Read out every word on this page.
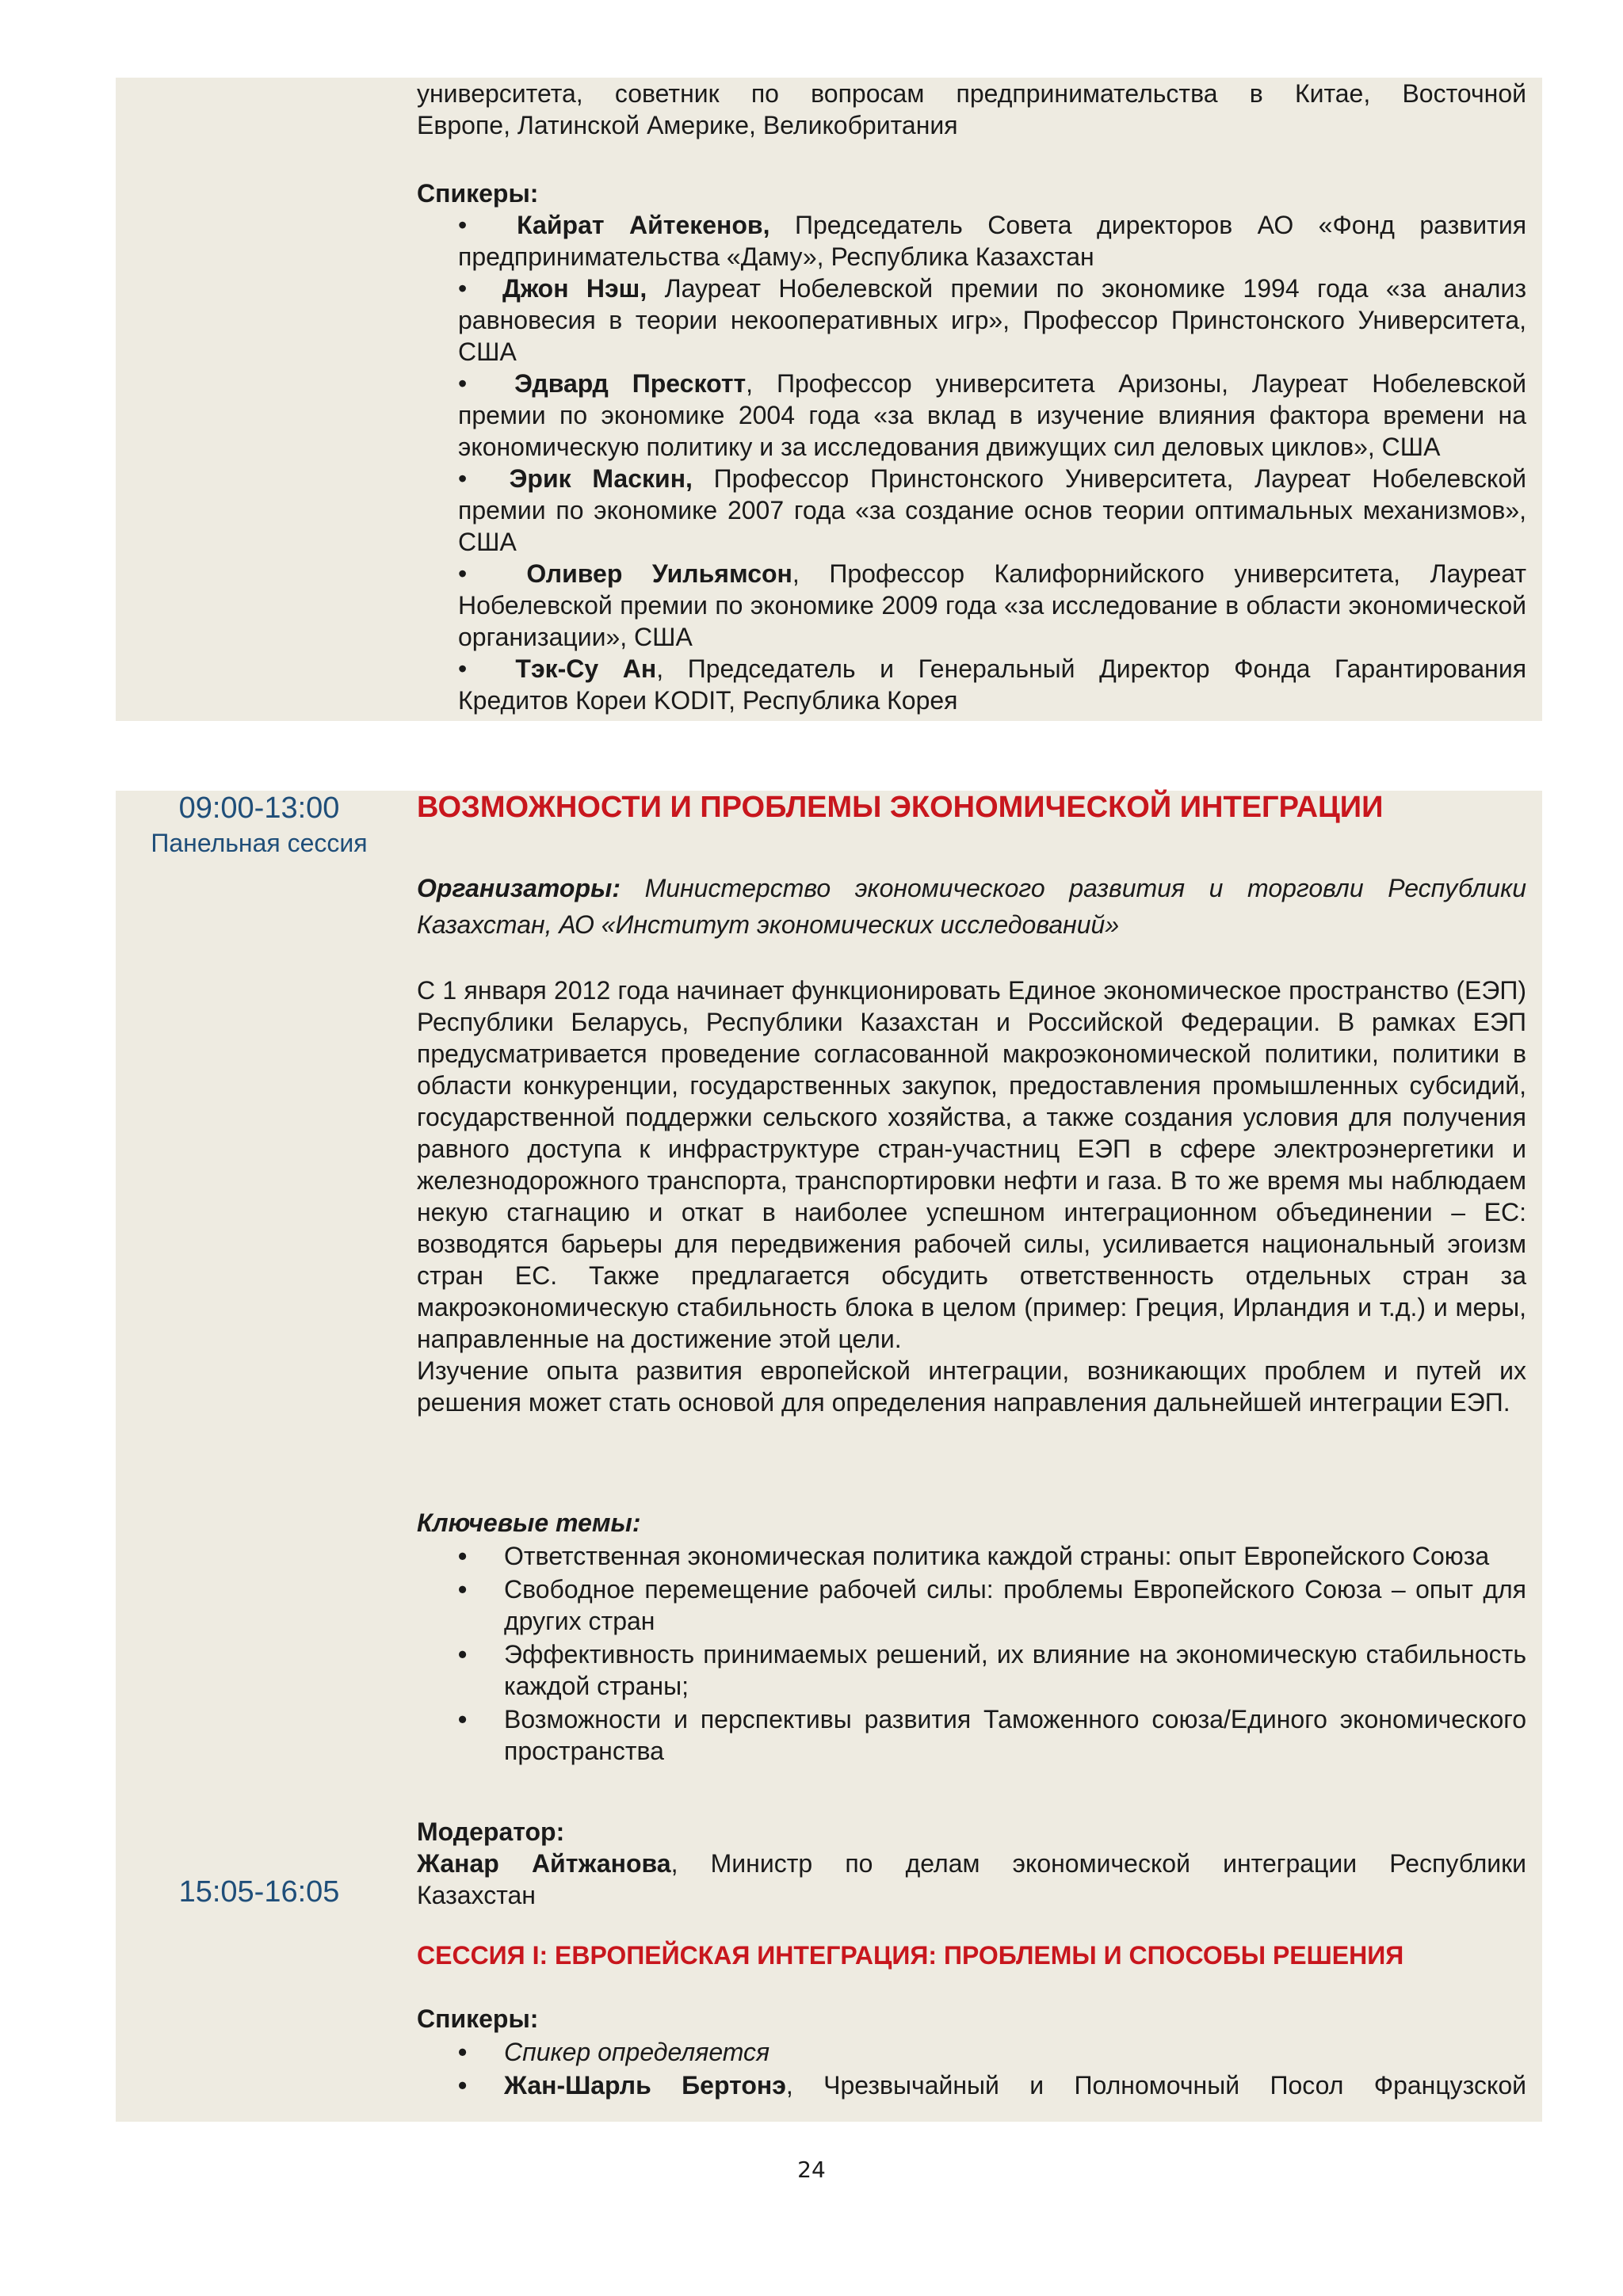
университета, советник по вопросам предпринимательства в Китае, Восточной

Европе, Латинской Америке, Великобритания

Спикеры:

•  Кайрат Айтекенов, Председатель Совета директоров АО «Фонд развития

предпринимательства «Даму», Республика Казахстан

•  Джон Нэш, Лауреат Нобелевской премии по экономике 1994 года «за анализ

равновесия в теории некооперативных игр», Профессор Принстонского Университета, США

•  Эдвард Прескотт, Профессор университета Аризоны, Лауреат Нобелевской

премии по экономике 2004 года «за вклад в изучение влияния фактора времени на экономическую политику и за исследования движущих сил деловых циклов», США

•  Эрик Маскин, Профессор Принстонского Университета, Лауреат Нобелевской

премии по экономике 2007 года «за создание основ теории оптимальных механизмов», США

•  Оливер Уильямсон, Профессор Калифорнийского университета, Лауреат

Нобелевской премии по экономике 2009 года «за исследование в области экономической организации», США

•  Тэк-Су Ан, Председатель и Генеральный Директор Фонда Гарантирования

Кредитов Кореи KODIT, Республика Корея

09:00-13:00
Панельная сессия
15:05-16:05
ВОЗМОЖНОСТИ И ПРОБЛЕМЫ ЭКОНОМИЧЕСКОЙ ИНТЕГРАЦИИ

Организаторы: Министерство экономического развития и торговли Республики

Казахстан, АО «Институт экономических исследований»

С 1 января 2012 года начинает функционировать Единое экономическое пространство (ЕЭП) Республики Беларусь, Республики Казахстан и Российской Федерации. В рамках ЕЭП предусматривается проведение согласованной макроэкономической политики, политики в области конкуренции, государственных закупок, предоставления промышленных субсидий, государственной поддержки сельского хозяйства, а также создания условия для получения равного доступа к инфраструктуре стран-участниц ЕЭП в сфере электроэнергетики и железнодорожного транспорта, транспортировки нефти и газа. В то же время мы наблюдаем некую стагнацию и откат в наиболее успешном интеграционном объединении – ЕС: возводятся барьеры для передвижения рабочей силы, усиливается национальный эгоизм стран ЕС. Также предлагается обсудить ответственность отдельных стран за макроэкономическую стабильность блока в целом (пример: Греция, Ирландия и т.д.) и меры, направленные на достижение этой цели.

Изучение опыта развития европейской интеграции, возникающих проблем и путей их решения может стать основой для определения направления дальнейшей интеграции ЕЭП.

Ключевые темы:
• Ответственная экономическая политика каждой страны: опыт Европейского Союза

• Свободное перемещение рабочей силы: проблемы Европейского Союза – опыт для других стран

• Эффективность принимаемых решений, их влияние на экономическую стабильность каждой страны;

• Возможности и перспективы развития Таможенного союза/Единого экономического пространства

Модератор:

Жанар Айтжанова, Министр по делам экономической интеграции Республики

Казахстан

СЕССИЯ I: ЕВРОПЕЙСКАЯ ИНТЕГРАЦИЯ: ПРОБЛЕМЫ И СПОСОБЫ РЕШЕНИЯ
Спикеры:
• Спикер определяется

• Жан-Шарль Бертонэ, Чрезвычайный и Полномочный Посол Французской

24
